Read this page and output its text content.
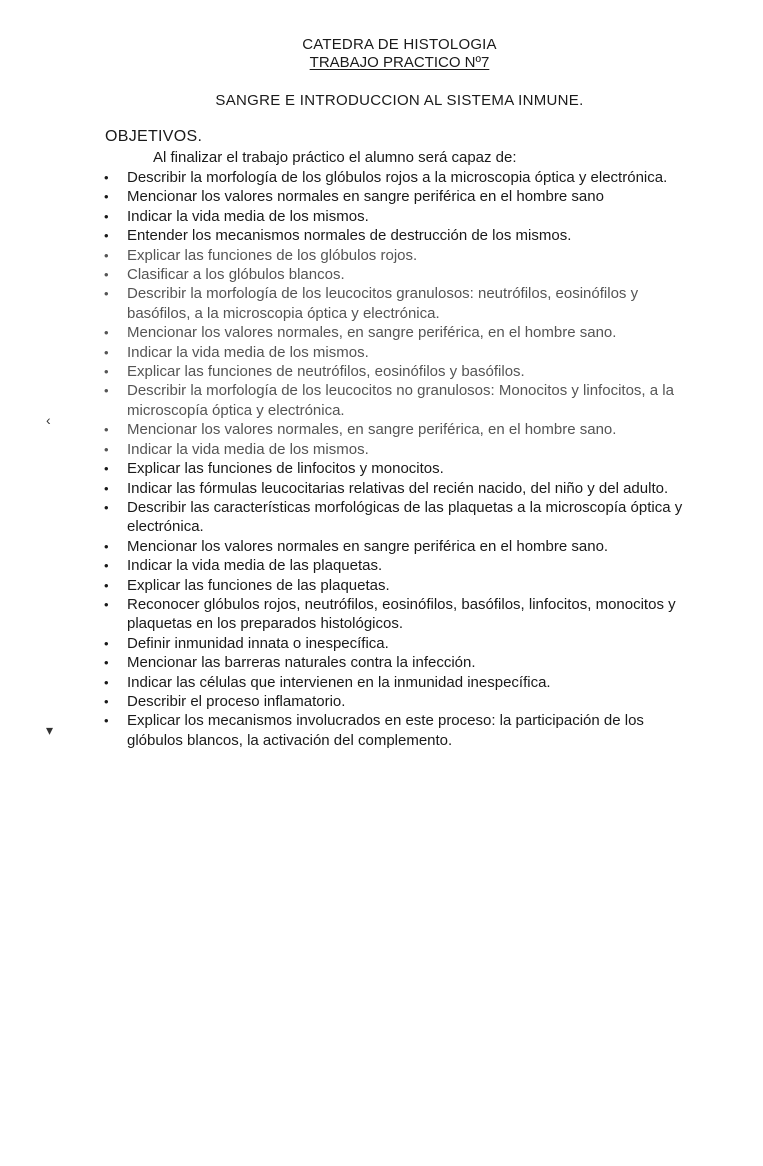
CATEDRA DE HISTOLOGIA
TRABAJO PRACTICO Nº7
SANGRE E INTRODUCCION AL SISTEMA INMUNE.
OBJETIVOS.
Al finalizar el trabajo práctico el alumno será capaz de:
• Describir la morfología de los glóbulos rojos a la microscopia óptica y electrónica.
• Mencionar los valores normales en sangre periférica en el hombre sano
• Indicar la vida media de los mismos.
• Entender los mecanismos normales de destrucción de los mismos.
• Explicar las funciones de los glóbulos rojos.
• Clasificar a los glóbulos blancos.
• Describir la morfología de los leucocitos granulosos: neutrófilos, eosinófilos y basófilos, a la microscopia óptica y electrónica.
• Mencionar los valores normales, en sangre periférica, en el hombre sano.
• Indicar la vida media de los mismos.
• Explicar las funciones de neutrófilos, eosinófilos y basófilos.
• Describir la morfología de los leucocitos no granulosos: Monocitos y linfocitos, a la microscopía óptica y electrónica.
• Mencionar los valores normales, en sangre periférica, en el hombre sano.
• Indicar la vida media de los mismos.
• Explicar las funciones de linfocitos y monocitos.
• Indicar las fórmulas leucocitarias relativas del recién nacido, del niño y del adulto.
• Describir las características morfológicas de las plaquetas a la microscopía óptica y electrónica.
• Mencionar los valores normales en sangre periférica en el hombre sano.
• Indicar la vida media de las plaquetas.
• Explicar las funciones de las plaquetas.
• Reconocer glóbulos rojos, neutrófilos, eosinófilos, basófilos, linfocitos, monocitos y plaquetas en los preparados histológicos.
• Definir inmunidad innata o inespecífica.
• Mencionar las barreras naturales contra la infección.
• Indicar las células que intervienen en la inmunidad inespecífica.
• Describir el proceso inflamatorio.
• Explicar los mecanismos involucrados en este proceso: la participación de los glóbulos blancos, la activación del complemento.
‹
▾
